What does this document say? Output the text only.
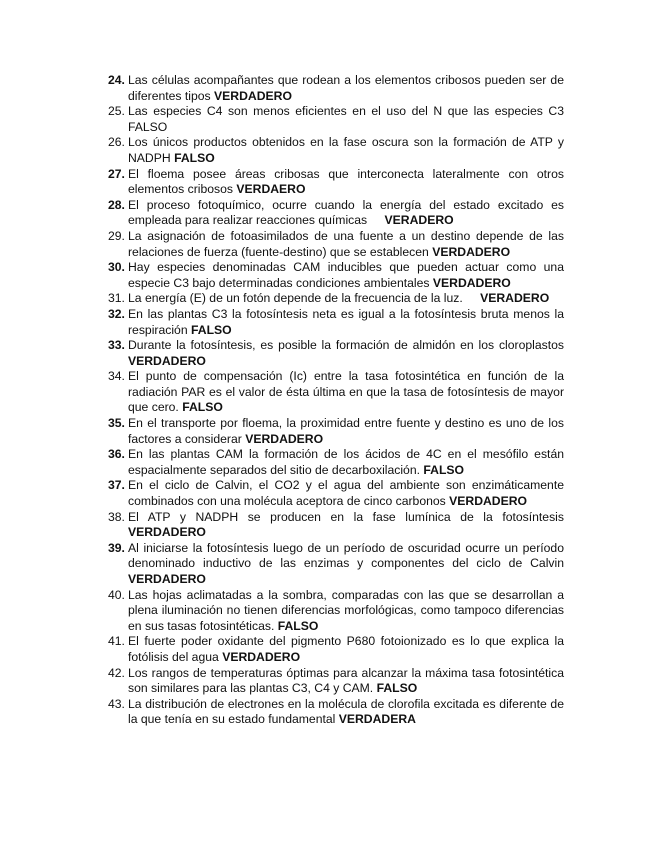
24. Las células acompañantes que rodean a los elementos cribosos pueden ser de diferentes tipos VERDADERO

25. Las especies C4 son menos eficientes en el uso del N que las especies C3 FALSO

26. Los únicos productos obtenidos en la fase oscura son la formación de ATP y NADPH FALSO

27. El floema posee áreas cribosas que interconecta lateralmente con otros elementos cribosos VERDAERO

28. El proceso fotoquímico, ocurre cuando la energía del estado excitado es empleada para realizar reacciones químicas VERADERO

29. La asignación de fotoasimilados de una fuente a un destino depende de las relaciones de fuerza (fuente-destino) que se establecen VERDADERO

30. Hay especies denominadas CAM inducibles que pueden actuar como una especie C3 bajo determinadas condiciones ambientales VERDADERO

31. La energía (E) de un fotón depende de la frecuencia de la luz. VERADERO

32. En las plantas C3 la fotosíntesis neta es igual a la fotosíntesis bruta menos la respiración FALSO

33. Durante la fotosíntesis, es posible la formación de almidón en los cloroplastos VERDADERO

34. El punto de compensación (Ic) entre la tasa fotosintética en función de la radiación PAR es el valor de ésta última en que la tasa de fotosíntesis de mayor que cero. FALSO

35. En el transporte por floema, la proximidad entre fuente y destino es uno de los factores a considerar VERDADERO

36. En las plantas CAM la formación de los ácidos de 4C en el mesófilo están espacialmente separados del sitio de decarboxilación. FALSO

37. En el ciclo de Calvin, el CO2 y el agua del ambiente son enzimáticamente combinados con una molécula aceptora de cinco carbonos VERDADERO

38. El ATP y NADPH se producen en la fase lumínica de la fotosíntesis VERDADERO

39. Al iniciarse la fotosíntesis luego de un período de oscuridad ocurre un período denominado inductivo de las enzimas y componentes del ciclo de Calvin VERDADERO

40. Las hojas aclimatadas a la sombra, comparadas con las que se desarrollan a plena iluminación no tienen diferencias morfológicas, como tampoco diferencias en sus tasas fotosintéticas. FALSO

41. El fuerte poder oxidante del pigmento P680 fotoionizado es lo que explica la fotólisis del agua VERDADERO

42. Los rangos de temperaturas óptimas para alcanzar la máxima tasa fotosintética son similares para las plantas C3, C4 y CAM. FALSO

43. La distribución de electrones en la molécula de clorofila excitada es diferente de la que tenía en su estado fundamental VERDADERA
